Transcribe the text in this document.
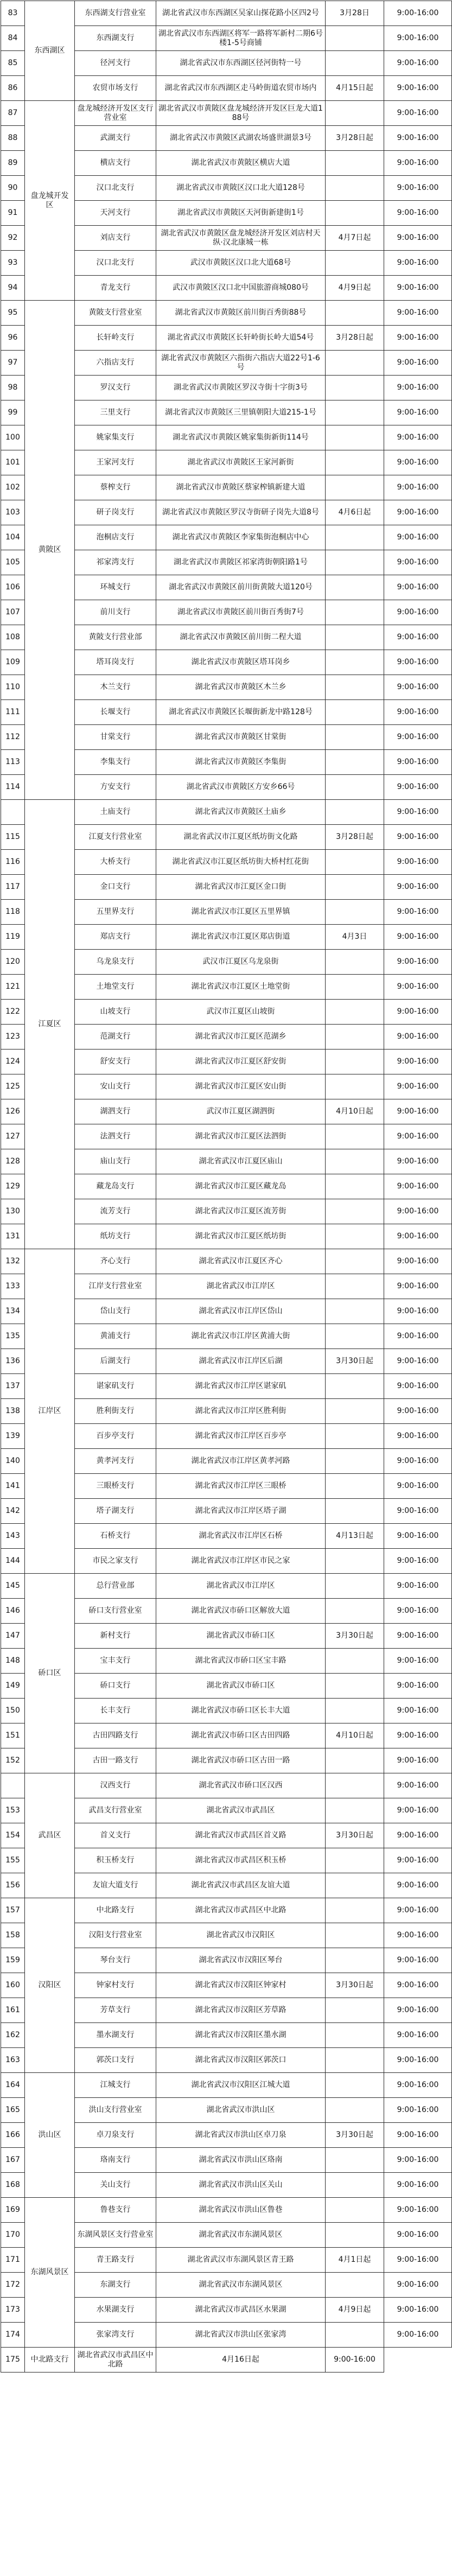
83	东西湖区	东西湖支行营业室	湖北省武汉市东西湖区吴家山探花路小区四2号	3月28日	9:00-16:00
84		东西湖支行	湖北省武汉市东西湖区将军一路将军新村二期6号楼1-5号商铺		9:00-16:00
85		径河支行	湖北省武汉市东西湖区径河街特一号		9:00-16:00
86		农贸市场支行	湖北省武汉市东西湖区走马岭街道农贸市场内	4月15日起	9:00-16:00
87	盘龙城开发区	盘龙城经济开发区支行营业室	湖北省武汉市黄陂区盘龙城经济开发区巨龙大道188号		9:00-16:00
88		武湖支行	湖北省武汉市黄陂区武湖农场盛世湖景3号	3月28日起	9:00-16:00
89		横店支行	湖北省武汉市黄陂区横店大道		9:00-16:00
90		汉口北支行	湖北省武汉市黄陂区汉口北大道128号		9:00-16:00
91		天河支行	湖北省武汉市黄陂区天河街新建街1号		9:00-16:00
92		刘店支行	湖北省武汉市黄陂区盘龙城经济开发区刘店村天纵·汉北康城一栋	4月7日起	9:00-16:00
93		汉口北支行	武汉市黄陂区汉口北大道68号		9:00-16:00
94		青龙支行	武汉市黄陂区汉口北中国旅游商城080号	4月9日起	9:00-16:00
95	黄陂区	黄陂支行营业室	湖北省武汉市黄陂区前川街百秀街88号		9:00-16:00
96		长轩岭支行	湖北省武汉市黄陂区长轩岭街长岭大道54号	3月28日起	9:00-16:00
97		六指店支行	湖北省武汉市黄陂区六指街六指店大道22号1-6号		9:00-16:00
98		罗汉支行	湖北省武汉市黄陂区罗汉寺街十字街3号		9:00-16:00
99		三里支行	湖北省武汉市黄陂区三里镇朝阳大道215-1号		9:00-16:00
100		姚家集支行	湖北省武汉市黄陂区姚家集街新街114号		9:00-16:00
101		王家河支行	湖北省武汉市黄陂区王家河新街		9:00-16:00
102		蔡榨支行	湖北省武汉市黄陂区蔡家榨镇新建大道		9:00-16:00
103		研子岗支行	湖北省武汉市黄陂区罗汉寺街研子岗先大道8号	4月6日起	9:00-16:00
104		泡桐店支行	湖北省武汉市黄陂区李家集街泡桐店中心		9:00-16:00
105		祁家湾支行	湖北省武汉市黄陂区祁家湾街朝阳路1号		9:00-16:00
106		环城支行	湖北省武汉市黄陂区前川街黄陂大道120号		9:00-16:00
107		前川支行	湖北省武汉市黄陂区前川街百秀街7号		9:00-16:00
108		黄陂支行营业部	湖北省武汉市黄陂区前川街二程大道		9:00-16:00
109		塔耳岗支行	湖北省武汉市黄陂区塔耳岗乡		9:00-16:00
110		木兰支行	湖北省武汉市黄陂区木兰乡		9:00-16:00
111		长堰支行	湖北省武汉市黄陂区长堰街新龙中路128号		9:00-16:00
112		甘棠支行	湖北省武汉市黄陂区甘棠街		9:00-16:00
113		李集支行	湖北省武汉市黄陂区李集街		9:00-16:00
114		方安支行	湖北省武汉市黄陂区方安乡66号		9:00-16:00
	江夏区	土庙支行	湖北省武汉市黄陂区土庙乡		9:00-16:00
115		江夏支行营业室	湖北省武汉市江夏区纸坊街文化路	3月28日起	9:00-16:00
116		大桥支行	湖北省武汉市江夏区纸坊街大桥村红花街		9:00-16:00
117		金口支行	湖北省武汉市江夏区金口街		9:00-16:00
118		五里界支行	湖北省武汉市江夏区五里界镇		9:00-16:00
119		郑店支行	湖北省武汉市江夏区郑店街道	4月3日	9:00-16:00
120		乌龙泉支行	武汉市江夏区乌龙泉街		9:00-16:00
121		土地堂支行	湖北省武汉市江夏区土地堂街		9:00-16:00
122		山坡支行	武汉市江夏区山坡街		9:00-16:00
123		范湖支行	湖北省武汉市江夏区范湖乡		9:00-16:00
124		舒安支行	湖北省武汉市江夏区舒安街		9:00-16:00
125		安山支行	湖北省武汉市江夏区安山街		9:00-16:00
126		湖泗支行	武汉市江夏区湖泗街	4月10日起	9:00-16:00
127		法泗支行	湖北省武汉市江夏区法泗街		9:00-16:00
128		庙山支行	湖北省武汉市江夏区庙山		9:00-16:00
129		藏龙岛支行	湖北省武汉市江夏区藏龙岛		9:00-16:00
130		流芳支行	湖北省武汉市江夏区流芳街		9:00-16:00
131		纸坊支行	湖北省武汉市江夏区纸坊街		9:00-16:00
132	江岸区	齐心支行	湖北省武汉市江夏区齐心		9:00-16:00
133		江岸支行营业室	湖北省武汉市江岸区		9:00-16:00
134		岱山支行	湖北省武汉市江岸区岱山		9:00-16:00
135		黄浦支行	湖北省武汉市江岸区黄浦大街		9:00-16:00
136		后湖支行	湖北省武汉市江岸区后湖	3月30日起	9:00-16:00
137		谌家矶支行	湖北省武汉市江岸区谌家矶		9:00-16:00
138		胜利街支行	湖北省武汉市江岸区胜利街		9:00-16:00
139		百步亭支行	湖北省武汉市江岸区百步亭		9:00-16:00
140		黄孝河支行	湖北省武汉市江岸区黄孝河路		9:00-16:00
141		三眼桥支行	湖北省武汉市江岸区三眼桥		9:00-16:00
142		塔子湖支行	湖北省武汉市江岸区塔子湖		9:00-16:00
143		石桥支行	湖北省武汉市江岸区石桥	4月13日起	9:00-16:00
144		市民之家支行	湖北省武汉市江岸区市民之家		9:00-16:00
145	硚口区	总行营业部	湖北省武汉市江岸区		9:00-16:00
146		硚口支行营业室	湖北省武汉市硚口区解放大道		9:00-16:00
147		新村支行	湖北省武汉市硚口区	3月30日起	9:00-16:00
148		宝丰支行	湖北省武汉市硚口区宝丰路		9:00-16:00
149		硚口支行	湖北省武汉市硚口区		9:00-16:00
150		长丰支行	湖北省武汉市硚口区长丰大道		9:00-16:00
151		古田四路支行	湖北省武汉市硚口区古田四路	4月10日起	9:00-16:00
152		古田一路支行	湖北省武汉市硚口区古田一路		9:00-16:00
	武昌区	汉西支行	湖北省武汉市硚口区汉西		9:00-16:00
153		武昌支行营业室	湖北省武汉市武昌区		9:00-16:00
154		首义支行	湖北省武汉市武昌区首义路	3月30日起	9:00-16:00
155		积玉桥支行	湖北省武汉市武昌区积玉桥		9:00-16:00
156		友谊大道支行	湖北省武汉市武昌区友谊大道		9:00-16:00
157	汉阳区	中北路支行	湖北省武汉市武昌区中北路		9:00-16:00
158		汉阳支行营业室	湖北省武汉市汉阳区		9:00-16:00
159		琴台支行	湖北省武汉市汉阳区琴台		9:00-16:00
160		钟家村支行	湖北省武汉市汉阳区钟家村	3月30日起	9:00-16:00
161		芳草支行	湖北省武汉市汉阳区芳草路		9:00-16:00
162		墨水湖支行	湖北省武汉市汉阳区墨水湖		9:00-16:00
163		郭茨口支行	湖北省武汉市汉阳区郭茨口		9:00-16:00
164	洪山区	江城支行	湖北省武汉市汉阳区江城大道		9:00-16:00
165		洪山支行营业室	湖北省武汉市洪山区		9:00-16:00
166		卓刀泉支行	湖北省武汉市洪山区卓刀泉	3月30日起	9:00-16:00
167		珞南支行	湖北省武汉市洪山区珞南		9:00-16:00
168		关山支行	湖北省武汉市洪山区关山		9:00-16:00
169	东湖风景区	鲁巷支行	湖北省武汉市洪山区鲁巷		9:00-16:00
170		东湖风景区支行营业室	湖北省武汉市东湖风景区		9:00-16:00
171		青王路支行	湖北省武汉市东湖风景区青王路	4月1日起	9:00-16:00
172		东湖支行	湖北省武汉市东湖风景区		9:00-16:00
173		水果湖支行	湖北省武汉市武昌区水果湖	4月9日起	9:00-16:00
174		张家湾支行	湖北省武汉市洪山区张家湾		9:00-16:00
175	中北路支行	湖北省武汉市武昌区中北路	4月16日起	9:00-16:00	
